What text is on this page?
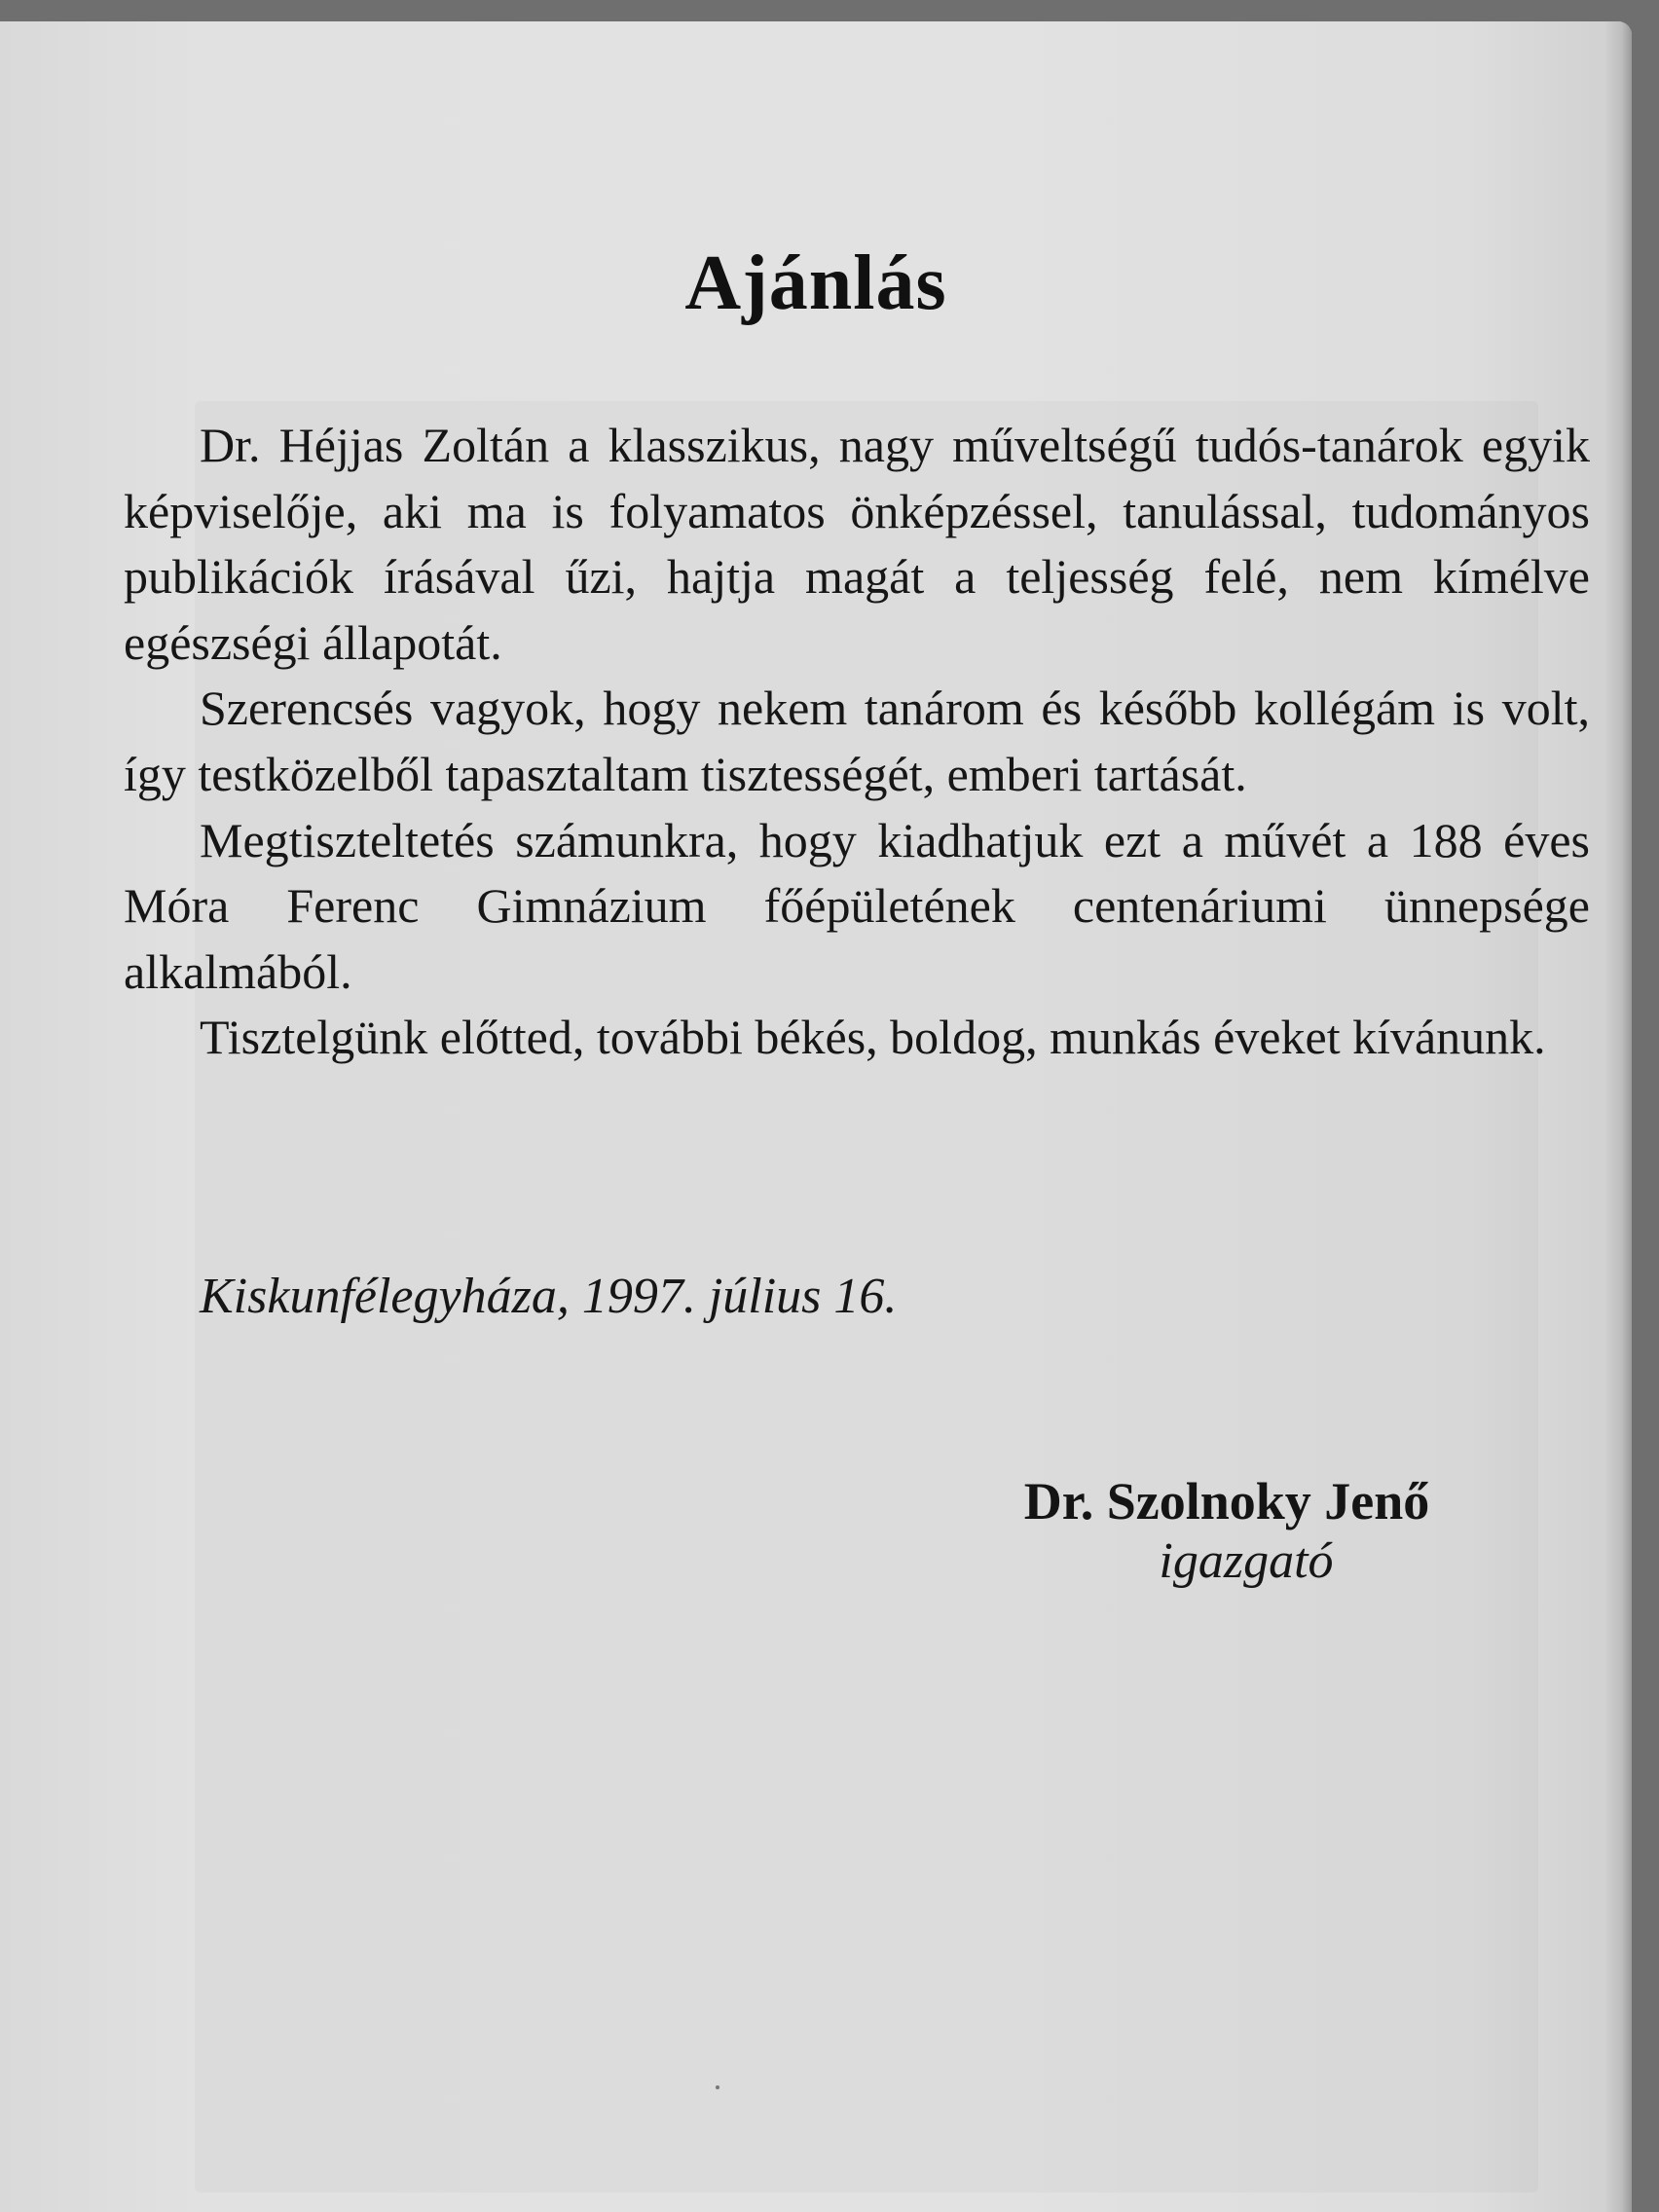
Ajánlás

Dr. Héjjas Zoltán a klasszikus, nagy műveltségű tudós-tanárok egyik képviselője, aki ma is folyamatos önképzéssel, tanulással, tudományos publikációk írásával űzi, hajtja magát a teljesség felé, nem kímélve egészségi állapotát.

Szerencsés vagyok, hogy nekem tanárom és később kollégám is volt, így testközelből tapasztaltam tisztességét, emberi tartását.

Megtiszteltetés számunkra, hogy kiadhatjuk ezt a művét a 188 éves Móra Ferenc Gimnázium főépületének centenáriumi ünnepsége alkalmából.

Tisztelgünk előtted, további békés, boldog, munkás éveket kívánunk.

Kiskunfélegyháza, 1997. július 16.
Dr. Szolnoky Jenő
igazgató
